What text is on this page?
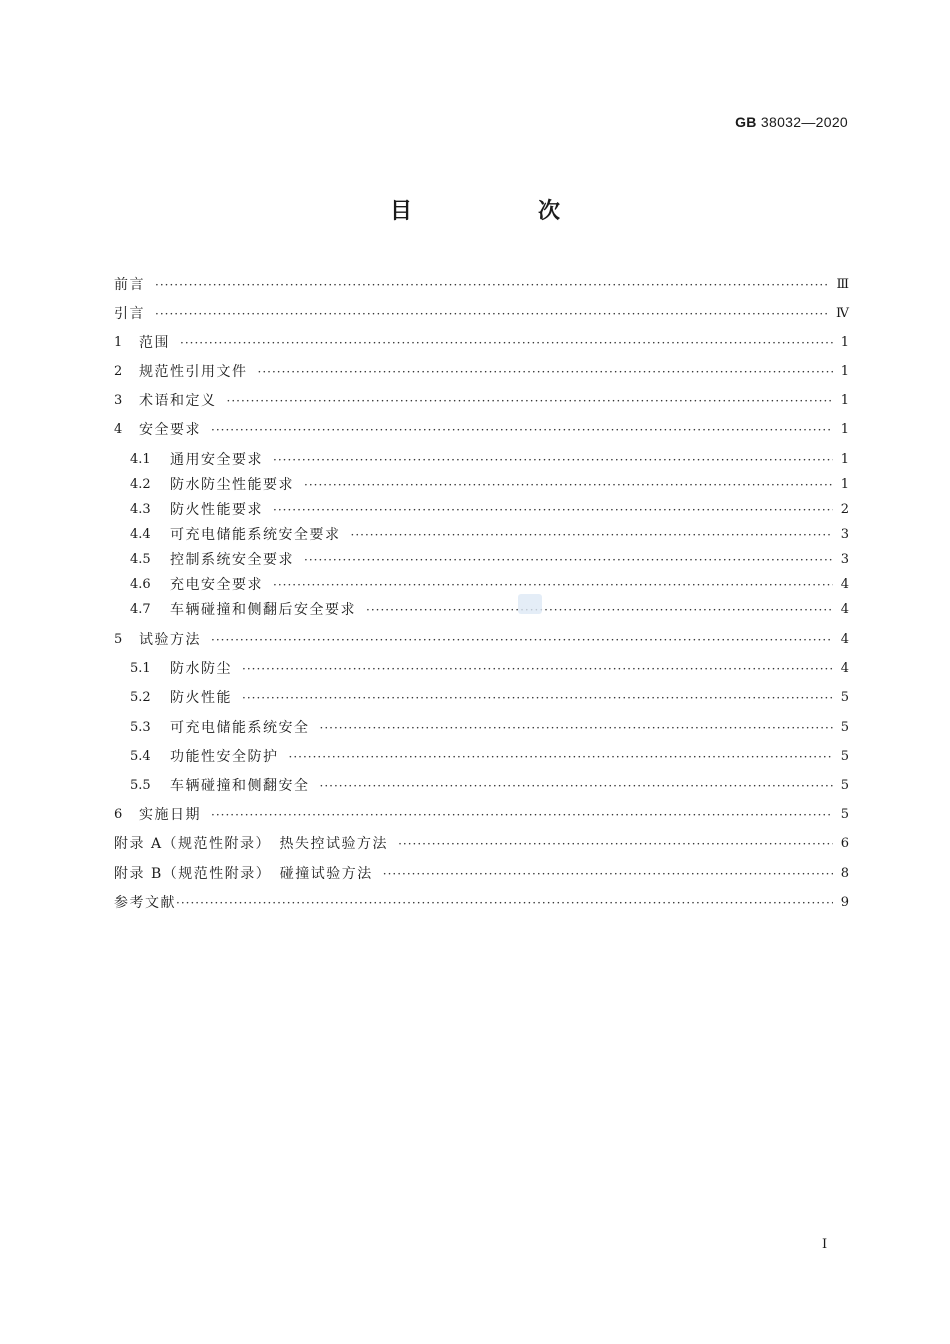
GB 38032—2020
目　次
前言 ·····	Ⅲ
引言 ·····	Ⅳ
1	范围 ·····	1
2	规范性引用文件 ·····	1
3	术语和定义 ·····	1
4	安全要求 ·····	1
4.1	通用安全要求 ·····	1
4.2	防水防尘性能要求 ·····	1
4.3	防火性能要求 ·····	2
4.4	可充电储能系统安全要求 ·····	3
4.5	控制系统安全要求 ·····	3
4.6	充电安全要求 ·····	4
4.7	车辆碰撞和侧翻后安全要求 ·····	4
5	试验方法 ·····	4
5.1	防水防尘 ·····	4
5.2	防火性能 ·····	5
5.3	可充电储能系统安全 ·····	5
5.4	功能性安全防护 ·····	5
5.5	车辆碰撞和侧翻安全 ·····	5
6	实施日期 ·····	5
附录 A（规范性附录）　热失控试验方法 ·····	6
附录 B（规范性附录）　碰撞试验方法 ·····	8
参考文献 ·····	9
Ⅰ
